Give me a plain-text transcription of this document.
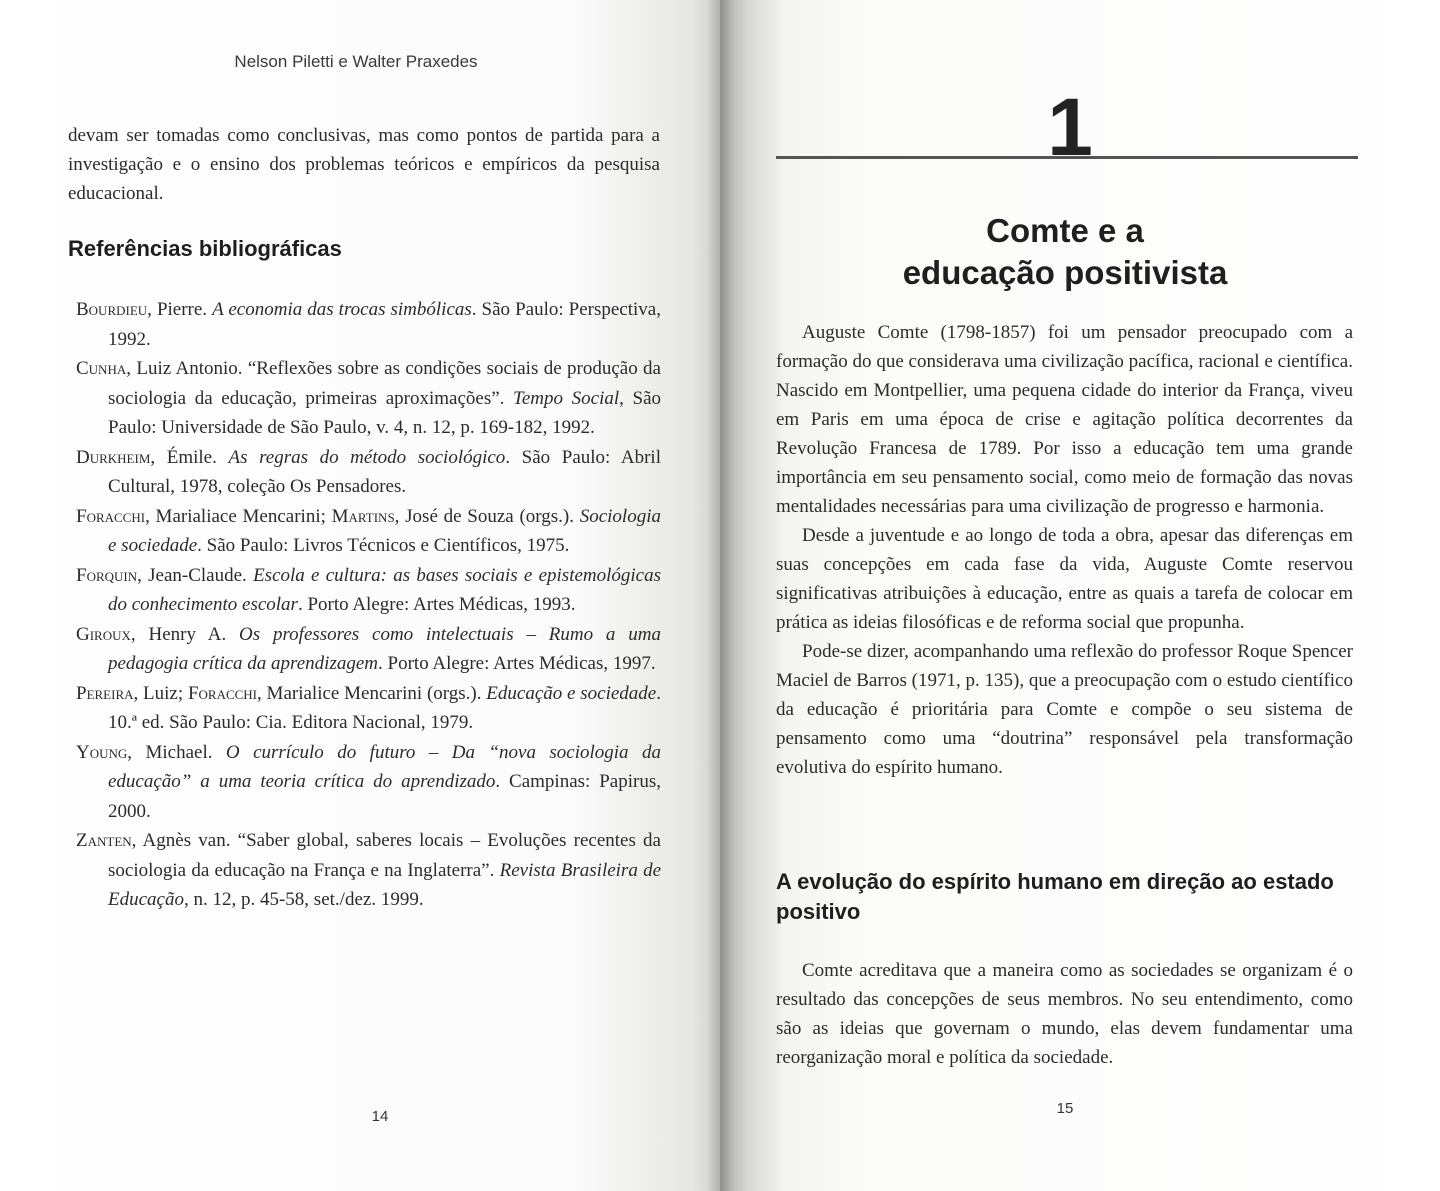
Nelson Piletti e Walter Praxedes

devam ser tomadas como conclusivas, mas como pontos de partida para a investigação e o ensino dos problemas teóricos e empíricos da pesquisa educacional.

Referências bibliográficas

Bourdieu, Pierre. A economia das trocas simbólicas. São Paulo: Perspectiva, 1992.

Cunha, Luiz Antonio. “Reflexões sobre as condições sociais de produção da sociologia da educação, primeiras aproximações”. Tempo Social, São Paulo: Universidade de São Paulo, v. 4, n. 12, p. 169-182, 1992.

Durkheim, Émile. As regras do método sociológico. São Paulo: Abril Cultural, 1978, coleção Os Pensadores.

Foracchi, Marialiace Mencarini; Martins, José de Souza (orgs.). Sociologia e sociedade. São Paulo: Livros Técnicos e Científicos, 1975.

Forquin, Jean-Claude. Escola e cultura: as bases sociais e epistemológicas do conhecimento escolar. Porto Alegre: Artes Médicas, 1993.

Giroux, Henry A. Os professores como intelectuais – Rumo a uma pedagogia crítica da aprendizagem. Porto Alegre: Artes Médicas, 1997.

Pereira, Luiz; Foracchi, Marialice Mencarini (orgs.). Educação e sociedade. 10.ª ed. São Paulo: Cia. Editora Nacional, 1979.

Young, Michael. O currículo do futuro – Da “nova sociologia da educação” a uma teoria crítica do aprendizado. Campinas: Papirus, 2000.

Zanten, Agnès van. “Saber global, saberes locais – Evoluções recentes da sociologia da educação na França e na Inglaterra”. Revista Brasileira de Educação, n. 12, p. 45-58, set./dez. 1999.

14
1
Comte e a
educação positivista

Auguste Comte (1798-1857) foi um pensador preocupado com a formação do que considerava uma civilização pacífica, racional e científica. Nascido em Montpellier, uma pequena cidade do interior da França, viveu em Paris em uma época de crise e agitação política decorrentes da Revolução Francesa de 1789. Por isso a educação tem uma grande importância em seu pensamento social, como meio de formação das novas mentalidades necessárias para uma civilização de progresso e harmonia.

Desde a juventude e ao longo de toda a obra, apesar das diferenças em suas concepções em cada fase da vida, Auguste Comte reservou significativas atribuições à educação, entre as quais a tarefa de colocar em prática as ideias filosóficas e de reforma social que propunha.

Pode-se dizer, acompanhando uma reflexão do professor Roque Spencer Maciel de Barros (1971, p. 135), que a preocupação com o estudo científico da educação é prioritária para Comte e compõe o seu sistema de pensamento como uma “doutrina” responsável pela transformação evolutiva do espírito humano.

A evolução do espírito humano em direção ao estado positivo

Comte acreditava que a maneira como as sociedades se organizam é o resultado das concepções de seus membros. No seu entendimento, como são as ideias que governam o mundo, elas devem fundamentar uma reorganização moral e política da sociedade.

15
